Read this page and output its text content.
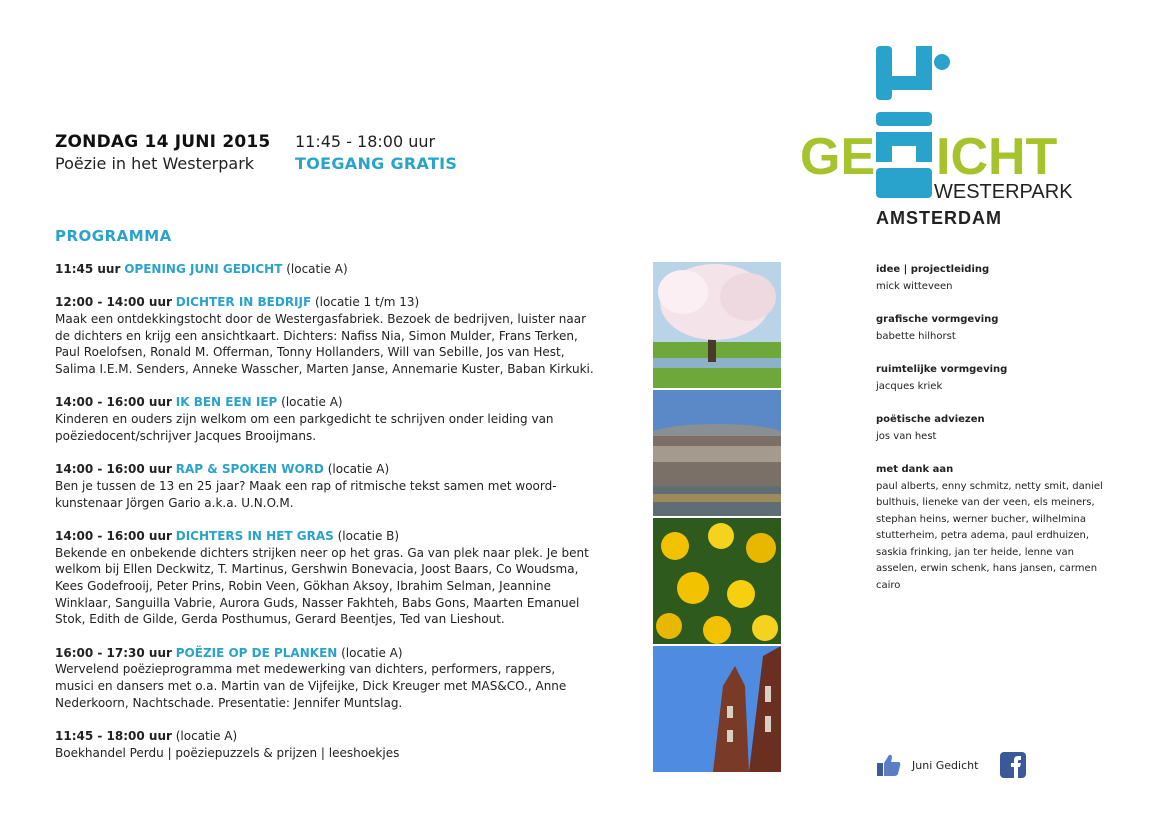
ZONDAG 14 JUNI 2015
Poëzie in het Westerpark
11:45 - 18:00 uur
TOEGANG GRATIS	GE ICHT
WESTERPARK
AMSTERDAM
JUNI
PROGRAMMA
11:45 uur OPENING JUNI GEDICHT (locatie A)
12:00 - 14:00 uur DICHTER IN BEDRIJF (locatie 1 t/m 13)
Maak een ontdekkingstocht door de Westergasfabriek. Bezoek de bedrijven, luister naar de dichters en krijg een ansichtkaart. Dichters: Nafiss Nia, Simon Mulder, Frans Terken, Paul Roelofsen, Ronald M. Offerman, Tonny Hollanders, Will van Sebille, Jos van Hest, Salima I.E.M. Senders, Anneke Wasscher, Marten Janse, Annemarie Kuster, Baban Kirkuki.
14:00 - 16:00 uur IK BEN EEN IEP (locatie A)
Kinderen en ouders zijn welkom om een parkgedicht te schrijven onder leiding van poëziedocent/schrijver Jacques Brooijmans.
14:00 - 16:00 uur RAP & SPOKEN WORD (locatie A)
Ben je tussen de 13 en 25 jaar? Maak een rap of ritmische tekst samen met woord-kunstenaar Jörgen Gario a.k.a. U.N.O.M.
14:00 - 16:00 uur DICHTERS IN HET GRAS (locatie B)
Bekende en onbekende dichters strijken neer op het gras. Ga van plek naar plek. Je bent welkom bij Ellen Deckwitz, T. Martinus, Gershwin Bonevacia, Joost Baars, Co Woudsma, Kees Godefrooij, Peter Prins, Robin Veen, Gökhan Aksoy, Ibrahim Selman, Jeannine Winklaar, Sanguilla Vabrie, Aurora Guds, Nasser Fakhteh, Babs Gons, Maarten Emanuel Stok, Edith de Gilde, Gerda Posthumus, Gerard Beentjes, Ted van Lieshout.
16:00 - 17:30 uur POËZIE OP DE PLANKEN (locatie A)
Wervelend poëzieprogramma met medewerking van dichters, performers, rappers, musici en dansers met o.a. Martin van de Vijfeijke, Dick Kreuger met MAS&CO., Anne Nederkoorn, Nachtschade. Presentatie: Jennifer Muntslag.
11:45 - 18:00 uur (locatie A)
Boekhandel Perdu | poëziepuzzels & prijzen | leeshoekjes
idee | projectleiding
mick witteveen
grafische vormgeving
babette hilhorst
ruimtelijke vormgeving
jacques kriek
poëtische adviezen
jos van hest
met dank aan
paul alberts, enny schmitz, netty smit, daniel bulthuis, lieneke van der veen, els meiners, stephan heins, werner bucher, wilhelmina stutterheim, petra adema, paul erdhuizen, saskia frinking, jan ter heide, lenne van asselen, erwin schenk, hans jansen, carmen cairo
Juni Gedicht
